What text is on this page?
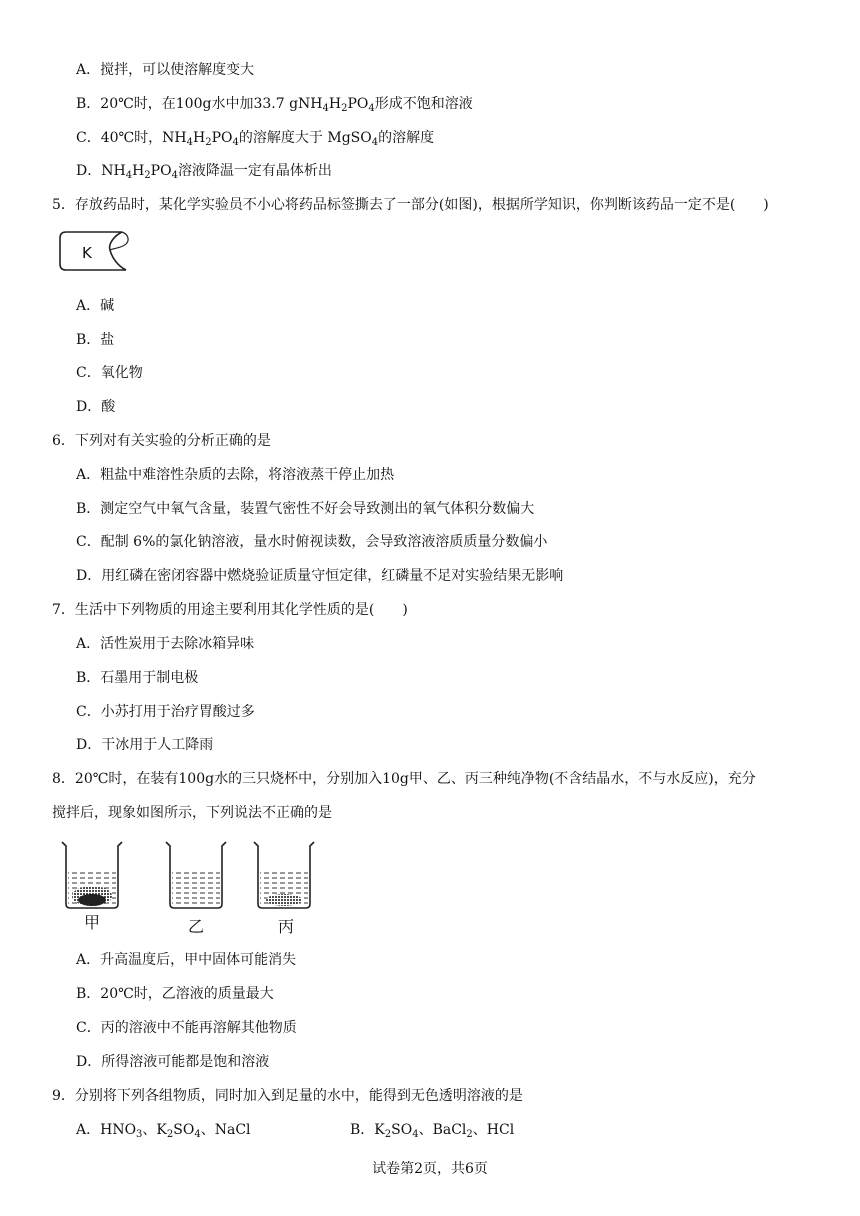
A．搅拌，可以使溶解度变大
B．20℃时，在100g水中加33.7 $gNH_4H_2PO_4$形成不饱和溶液
C．40℃时，$NH_4H_2PO_4$的溶解度大于 MgSO$_4$的溶解度
D．$NH_4H_2PO_4$溶液降温一定有晶体析出
5．存放药品时，某化学实验员不小心将药品标签撕去了一部分(如图)，根据所学知识，你判断该药品一定不是(　　)
K
A．碱
B．盐
C．氧化物
D．酸
6．下列对有关实验的分析正确的是
A．粗盐中难溶性杂质的去除，将溶液蒸干停止加热
B．测定空气中氧气含量，装置气密性不好会导致测出的氧气体积分数偏大
C．配制 6%的氯化钠溶液，量水时俯视读数，会导致溶液溶质质量分数偏小
D．用红磷在密闭容器中燃烧验证质量守恒定律，红磷量不足对实验结果无影响
7．生活中下列物质的用途主要利用其化学性质的是(　　)
A．活性炭用于去除冰箱异味
B．石墨用于制电极
C．小苏打用于治疗胃酸过多
D．干冰用于人工降雨
8．20℃时，在装有100g水的三只烧杯中，分别加入10g甲、乙、丙三种纯净物(不含结晶水，不与水反应)，充分
搅拌后，现象如图所示，下列说法不正确的是
甲	乙	丙
A．升高温度后，甲中固体可能消失
B．20℃时，乙溶液的质量最大
C．丙的溶液中不能再溶解其他物质
D．所得溶液可能都是饱和溶液
9．分别将下列各组物质，同时加入到足量的水中，能得到无色透明溶液的是
A．$HNO_3$、$K_2SO_4$、NaCl	B．$K_2SO_4$、BaCl$_2$、HCl
试卷第2页，共6页
